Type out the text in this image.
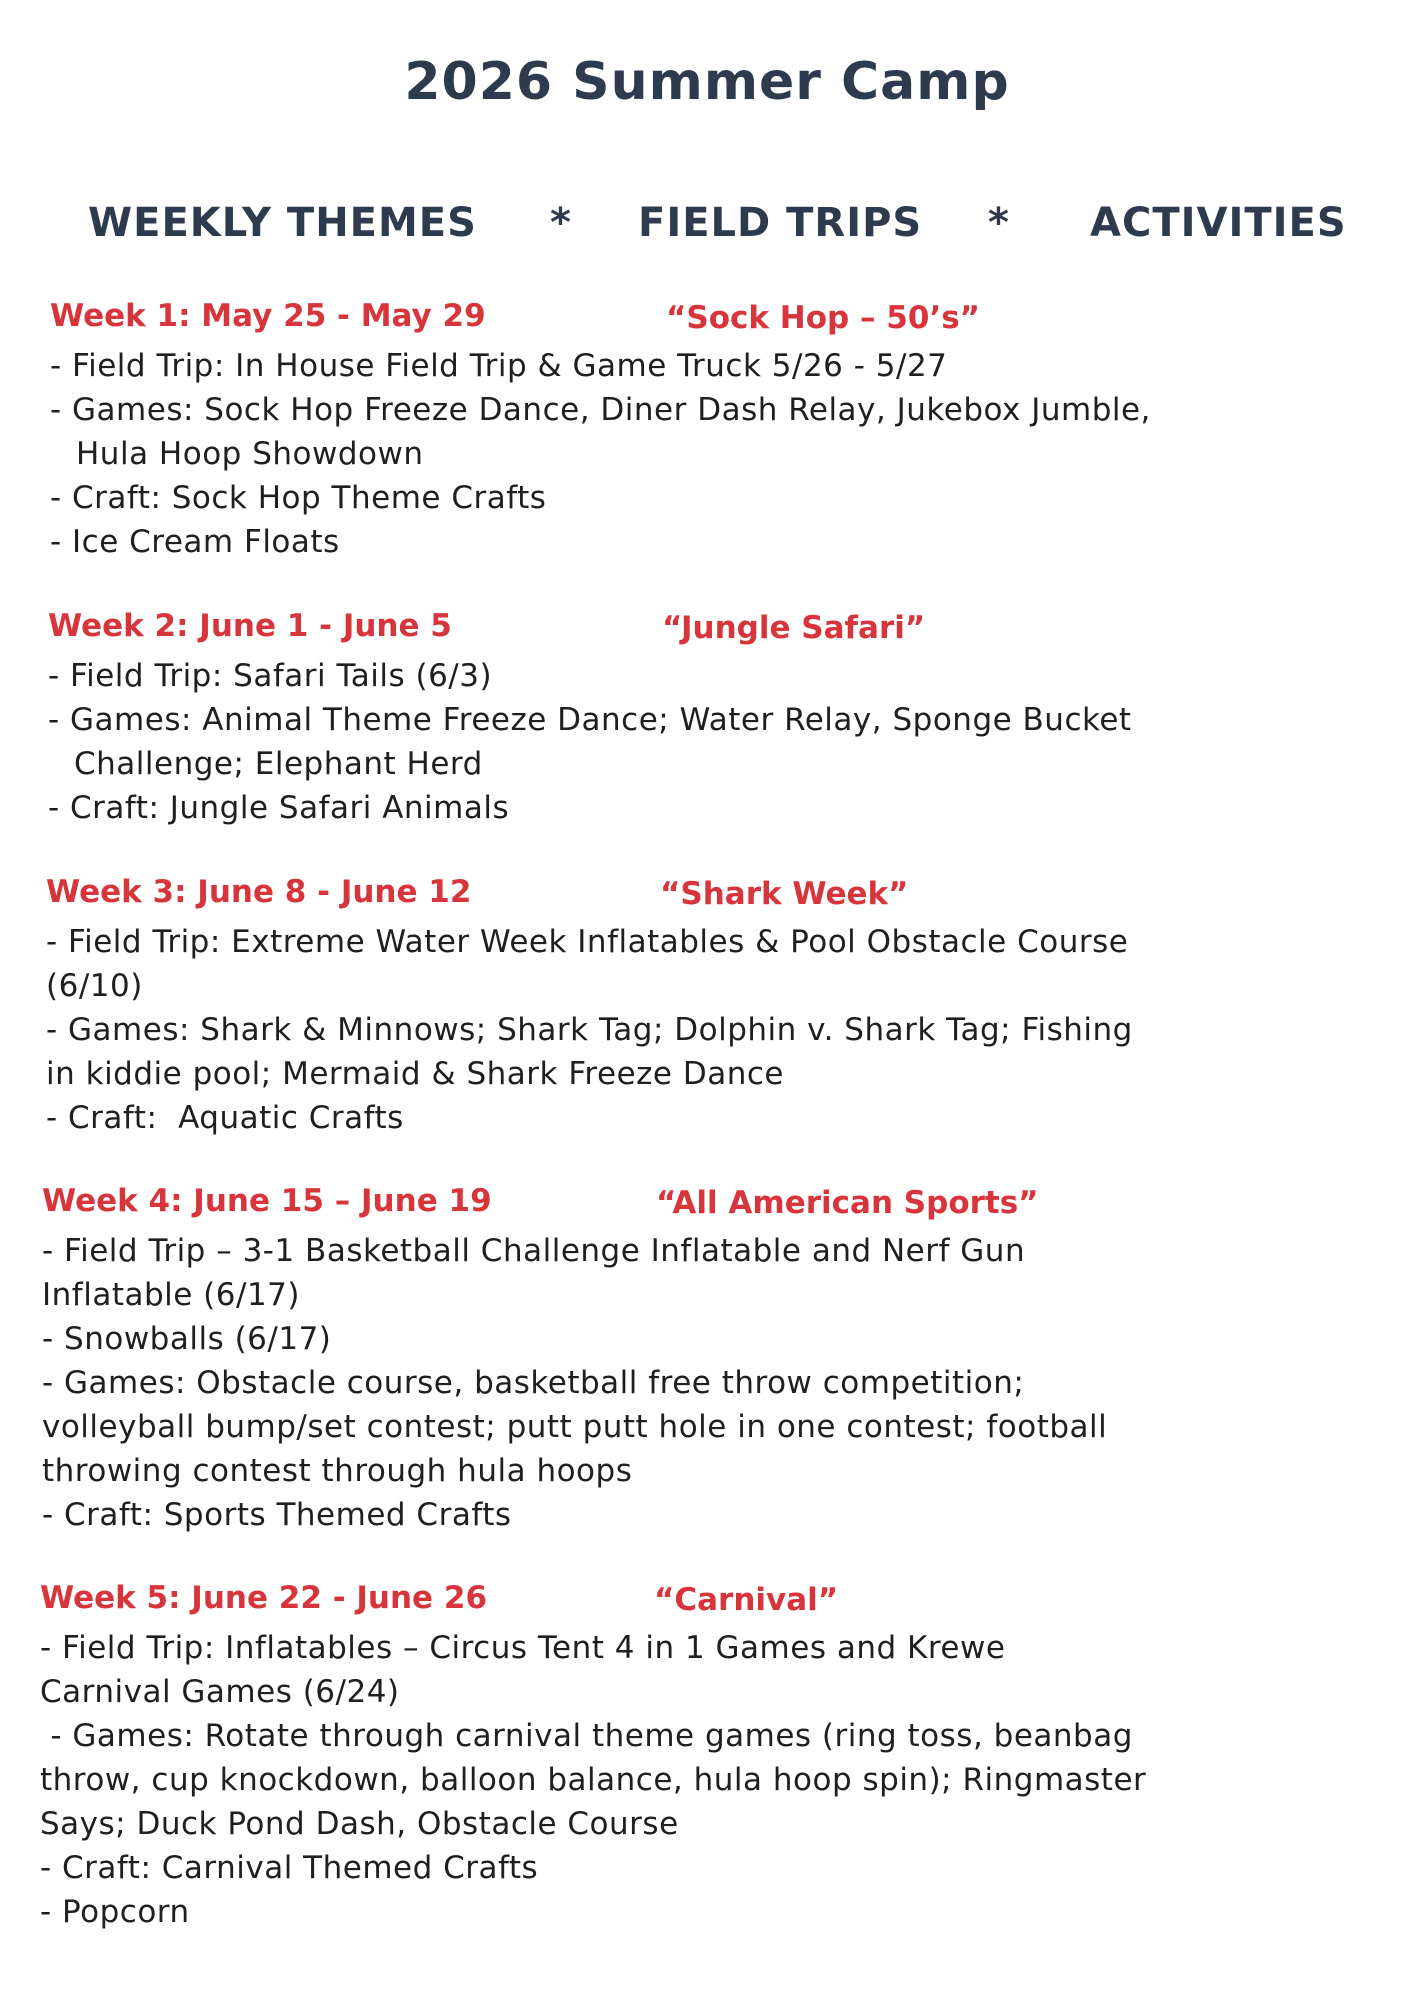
2026 Summer Camp
WEEKLY THEMES * FIELD TRIPS * ACTIVITIES
Week 1: May 25 - May 29	“Sock Hop – 50’s”
- Field Trip: In House Field Trip & Game Truck 5/26 - 5/27
- Games: Sock Hop Freeze Dance, Diner Dash Relay, Jukebox Jumble,
Hula Hoop Showdown
- Craft: Sock Hop Theme Crafts
- Ice Cream Floats
Week 2: June 1 - June 5	“Jungle Safari”
- Field Trip: Safari Tails (6/3)
- Games: Animal Theme Freeze Dance; Water Relay, Sponge Bucket
Challenge; Elephant Herd
- Craft: Jungle Safari Animals
Week 3: June 8 - June 12	“Shark Week”
- Field Trip: Extreme Water Week Inflatables & Pool Obstacle Course
(6/10)
- Games: Shark & Minnows; Shark Tag; Dolphin v. Shark Tag; Fishing
in kiddie pool; Mermaid & Shark Freeze Dance
- Craft:  Aquatic Crafts
Week 4: June 15 – June 19	“All American Sports”
- Field Trip – 3-1 Basketball Challenge Inflatable and Nerf Gun
Inflatable (6/17)
- Snowballs (6/17)
- Games: Obstacle course, basketball free throw competition;
volleyball bump/set contest; putt putt hole in one contest; football
throwing contest through hula hoops
- Craft: Sports Themed Crafts
Week 5: June 22 - June 26	“Carnival”
- Field Trip: Inflatables – Circus Tent 4 in 1 Games and Krewe
Carnival Games (6/24)
- Games: Rotate through carnival theme games (ring toss, beanbag
throw, cup knockdown, balloon balance, hula hoop spin); Ringmaster
Says; Duck Pond Dash, Obstacle Course
- Craft: Carnival Themed Crafts
- Popcorn
